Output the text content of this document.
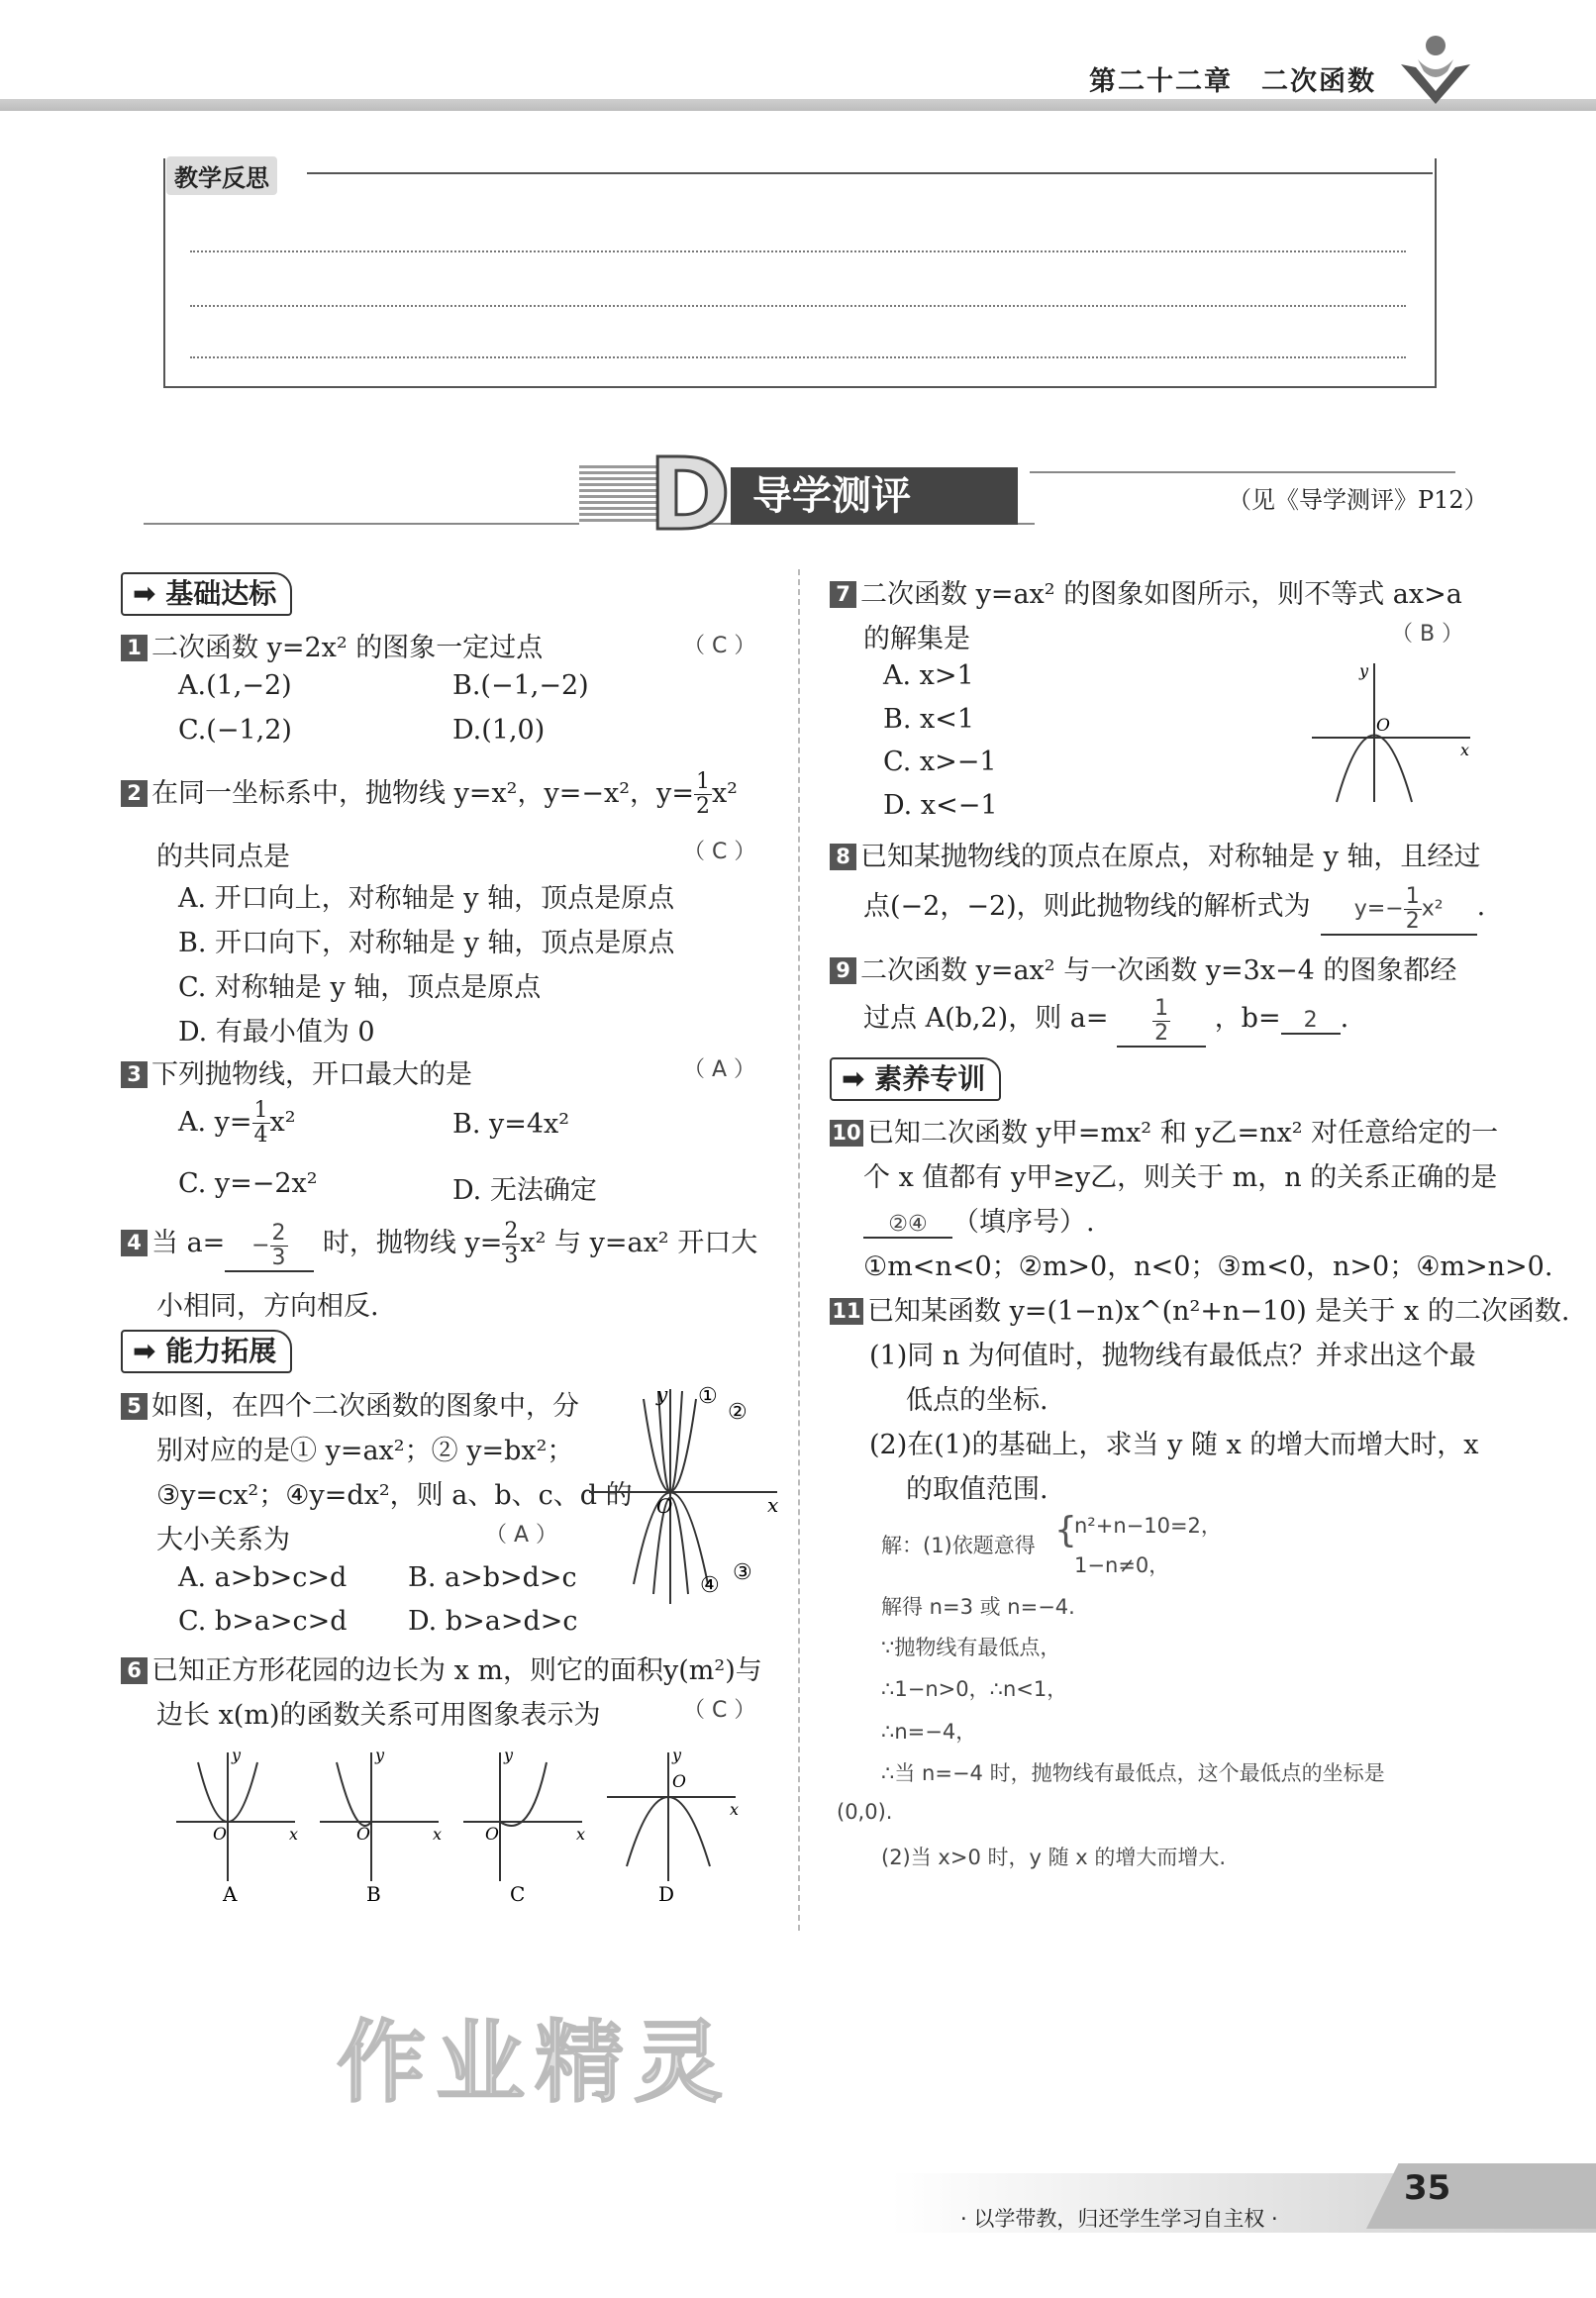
第二十二章　二次函数
教学反思
D 导学测评	（见《导学测评》P12）
➡ 基础达标
1 二次函数 y=2x² 的图象一定过点	（ C ）
A.(1,−2)	B.(−1,−2)
C.(−1,2)	D.(1,0)
2 在同一坐标系中，抛物线 y=x²，y=−x²，$y= \frac{1}{2} x^2$
的共同点是	（ C ）
A. 开口向上，对称轴是 y 轴，顶点是原点
B. 开口向下，对称轴是 y 轴，顶点是原点
C. 对称轴是 y 轴，顶点是原点
D. 有最小值为 0
3 下列抛物线，开口最大的是	（ A ）
A. $y= \frac{1}{4} x^2$	B. y=4x²
C. y=−2x²	D. 无法确定
4 当 $a= - \frac{2}{3}$ 时，抛物线 $y= \frac{2}{3} x^2$ 与 y=ax² 开口大
小相同，方向相反.
➡ 能力拓展
5 如图，在四个二次函数的图象中，分
别对应的是① y=ax²；② y=bx²；
③y=cx²；④y=dx²，则 a、b、c、d 的
大小关系为	（ A ）
A. a>b>c>d B. a>b>d>c
C. b>a>c>d D. b>a>d>c
x
y
O
①
②
③
④
6 已知正方形花园的边长为 x m，则它的面积y(m²)与
边长 x(m)的函数关系可用图象表示为	（ C ）
x
y
O
A
x
y
O
B
x
y
O
C
x
y
O
D
7 二次函数 y=ax² 的图象如图所示，则不等式 ax>a
的解集是	（ B ）
A. x>1
B. x<1
C. x>−1
D. x<−1
x
y
O
8 已知某抛物线的顶点在原点，对称轴是 y 轴，且经过
点(−2，−2)，则此抛物线的解析式为 $y=- \frac{1}{2} x^2$ .
9 二次函数 y=ax² 与一次函数 y=3x−4 的图象都经
过点 A(b,2)，则 $a= \frac{1}{2}$ ，b= 2 .
➡ 素养专训
10 已知二次函数 y甲=mx² 和 y乙=nx² 对任意给定的一
个 x 值都有 y甲≥y乙，则关于 m，n 的关系正确的是
②④ （填序号）.
①m<n<0；②m>0，n<0；③m<0，n>0；④m>n>0.
11 已知某函数 y=(1−n)x^(n²+n−10) 是关于 x 的二次函数.
(1)同 n 为何值时，抛物线有最低点？并求出这个最
低点的坐标.
(2)在(1)的基础上，求当 y 随 x 的增大而增大时，x
的取值范围.
解：(1)依题意得 {
n²+n−10=2，
1−n≠0，
解得 n=3 或 n=−4.
∵抛物线有最低点，
∴1−n>0，∴n<1，
∴n=−4，
∴当 n=−4 时，抛物线有最低点，这个最低点的坐标是
(0,0).
(2)当 x>0 时，y 随 x 的增大而增大.
作业精灵
35
· 以学带教，归还学生学习自主权 ·
